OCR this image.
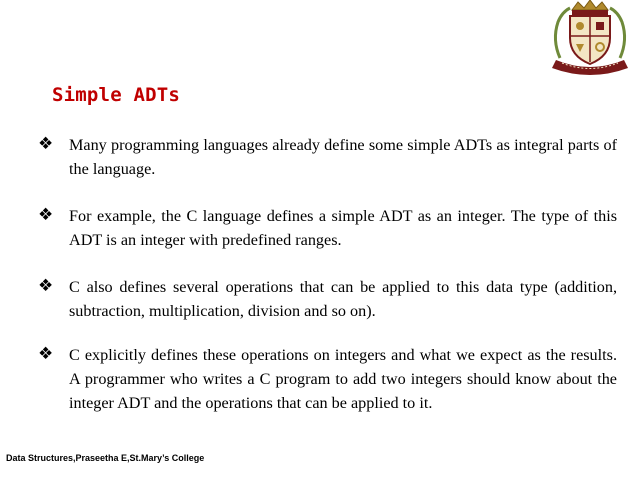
Simple ADTs
❖ Many programming languages already define some simple ADTs as integral parts of the language.
❖ For example, the C language defines a simple ADT as an integer. The type of this ADT is an integer with predefined ranges.
❖ C also defines several operations that can be applied to this data type (addition, subtraction, multiplication, division and so on).
❖ C explicitly defines these operations on integers and what we expect as the results. A programmer who writes a C program to add two integers should know about the integer ADT and the operations that can be applied to it.
Data Structures,Praseetha E,St.Mary’s College
